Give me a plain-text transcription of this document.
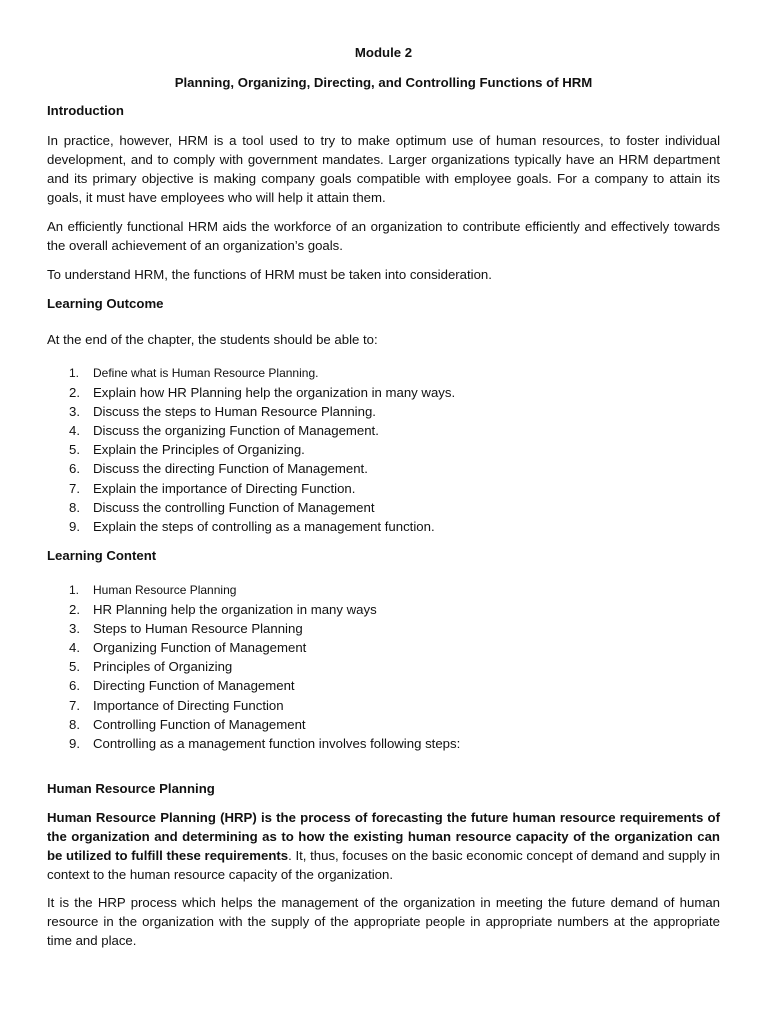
Module 2

Planning, Organizing, Directing, and Controlling Functions of HRM

Introduction

In practice, however, HRM is a tool used to try to make optimum use of human resources, to foster individual development, and to comply with government mandates. Larger organizations typically have an HRM department and its primary objective is making company goals compatible with employee goals. For a company to attain its goals, it must have employees who will help it attain them.

An efficiently functional HRM aids the workforce of an organization to contribute efficiently and effectively towards the overall achievement of an organization’s goals.

To understand HRM, the functions of HRM must be taken into consideration.

Learning Outcome

At the end of the chapter, the students should be able to:

1.	Define what is Human Resource Planning.
2. Explain how HR Planning help the organization in many ways.
3. Discuss the steps to Human Resource Planning.
4. Discuss the organizing Function of Management.
5. Explain the Principles of Organizing.
6. Discuss the directing Function of Management.
7. Explain the importance of Directing Function.
8. Discuss the controlling Function of Management
9. Explain the steps of controlling as a management function.

Learning Content

1.	Human Resource Planning
2. HR Planning help the organization in many ways
3. Steps to Human Resource Planning
4. Organizing Function of Management
5. Principles of Organizing
6. Directing Function of Management
7. Importance of Directing Function
8. Controlling Function of Management
9. Controlling as a management function involves following steps:

Human Resource Planning

Human Resource Planning (HRP) is the process of forecasting the future human resource requirements of the organization and determining as to how the existing human resource capacity of the organization can be utilized to fulfill these requirements. It, thus, focuses on the basic economic concept of demand and supply in context to the human resource capacity of the organization.

It is the HRP process which helps the management of the organization in meeting the future demand of human resource in the organization with the supply of the appropriate people in appropriate numbers at the appropriate time and place.
